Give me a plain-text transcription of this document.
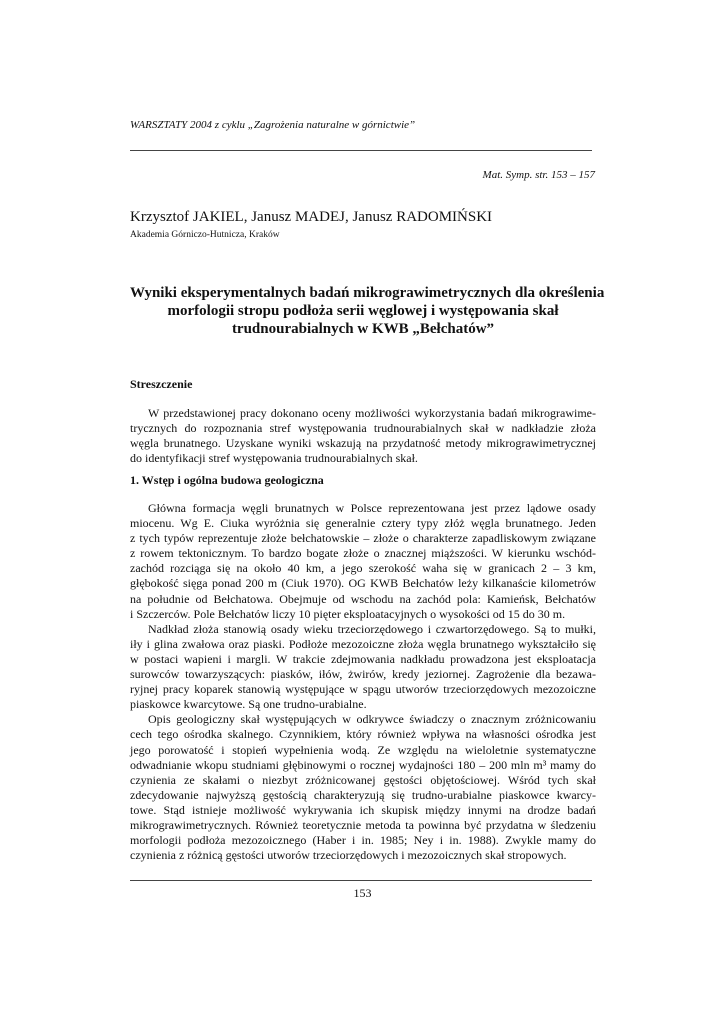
WARSZTATY 2004 z cyklu „Zagrożenia naturalne w górnictwie”
Mat. Symp. str. 153 – 157
Krzysztof JAKIEL, Janusz MADEJ, Janusz RADOMIŃSKI
Akademia Górniczo-Hutnicza, Kraków
Wyniki eksperymentalnych badań mikrograwimetrycznych dla określenia
morfologii stropu podłoża serii węglowej i występowania skał
trudnourabialnych w KWB „Bełchatów”
Streszczenie
W przedstawionej pracy dokonano oceny możliwości wykorzystania badań mikrograwime-
trycznych do rozpoznania stref występowania trudnourabialnych skał w nadkładzie złoża
węgla brunatnego. Uzyskane wyniki wskazują na przydatność metody mikrograwimetrycznej
do identyfikacji stref występowania trudnourabialnych skał.
1. Wstęp i ogólna budowa geologiczna
Główna formacja węgli brunatnych w Polsce reprezentowana jest przez lądowe osady
miocenu. Wg E. Ciuka wyróżnia się generalnie cztery typy złóż węgla brunatnego. Jeden
z tych typów reprezentuje złoże bełchatowskie – złoże o charakterze zapadliskowym związane
z rowem tektonicznym. To bardzo bogate złoże o znacznej miąższości. W kierunku wschód-
zachód rozciąga się na około 40 km, a jego szerokość waha się w granicach 2 – 3 km,
głębokość sięga ponad 200 m (Ciuk 1970). OG KWB Bełchatów leży kilkanaście kilometrów
na południe od Bełchatowa. Obejmuje od wschodu na zachód pola: Kamieńsk, Bełchatów
i Szczerców. Pole Bełchatów liczy 10 pięter eksploatacyjnych o wysokości od 15 do 30 m.
Nadkład złoża stanowią osady wieku trzeciorzędowego i czwartorzędowego. Są to mułki,
iły i glina zwałowa oraz piaski. Podłoże mezozoiczne złoża węgla brunatnego wykształciło się
w postaci wapieni i margli. W trakcie zdejmowania nadkładu prowadzona jest eksploatacja
surowców towarzyszących: piasków, iłów, żwirów, kredy jeziornej. Zagrożenie dla bezawa-
ryjnej pracy koparek stanowią występujące w spągu utworów trzeciorzędowych mezozoiczne
piaskowce kwarcytowe. Są one trudno-urabialne.
Opis geologiczny skał występujących w odkrywce świadczy o znacznym zróżnicowaniu
cech tego ośrodka skalnego. Czynnikiem, który również wpływa na własności ośrodka jest
jego porowatość i stopień wypełnienia wodą. Ze względu na wieloletnie systematyczne
odwadnianie wkopu studniami głębinowymi o rocznej wydajności 180 – 200 mln m³ mamy do
czynienia ze skałami o niezbyt zróżnicowanej gęstości objętościowej. Wśród tych skał
zdecydowanie najwyższą gęstością charakteryzują się trudno-urabialne piaskowce kwarcy-
towe. Stąd istnieje możliwość wykrywania ich skupisk między innymi na drodze badań
mikrograwimetrycznych. Również teoretycznie metoda ta powinna być przydatna w śledzeniu
morfologii podłoża mezozoicznego (Haber i in. 1985; Ney i in. 1988). Zwykle mamy do
czynienia z różnicą gęstości utworów trzeciorzędowych i mezozoicznych skał stropowych.
153
